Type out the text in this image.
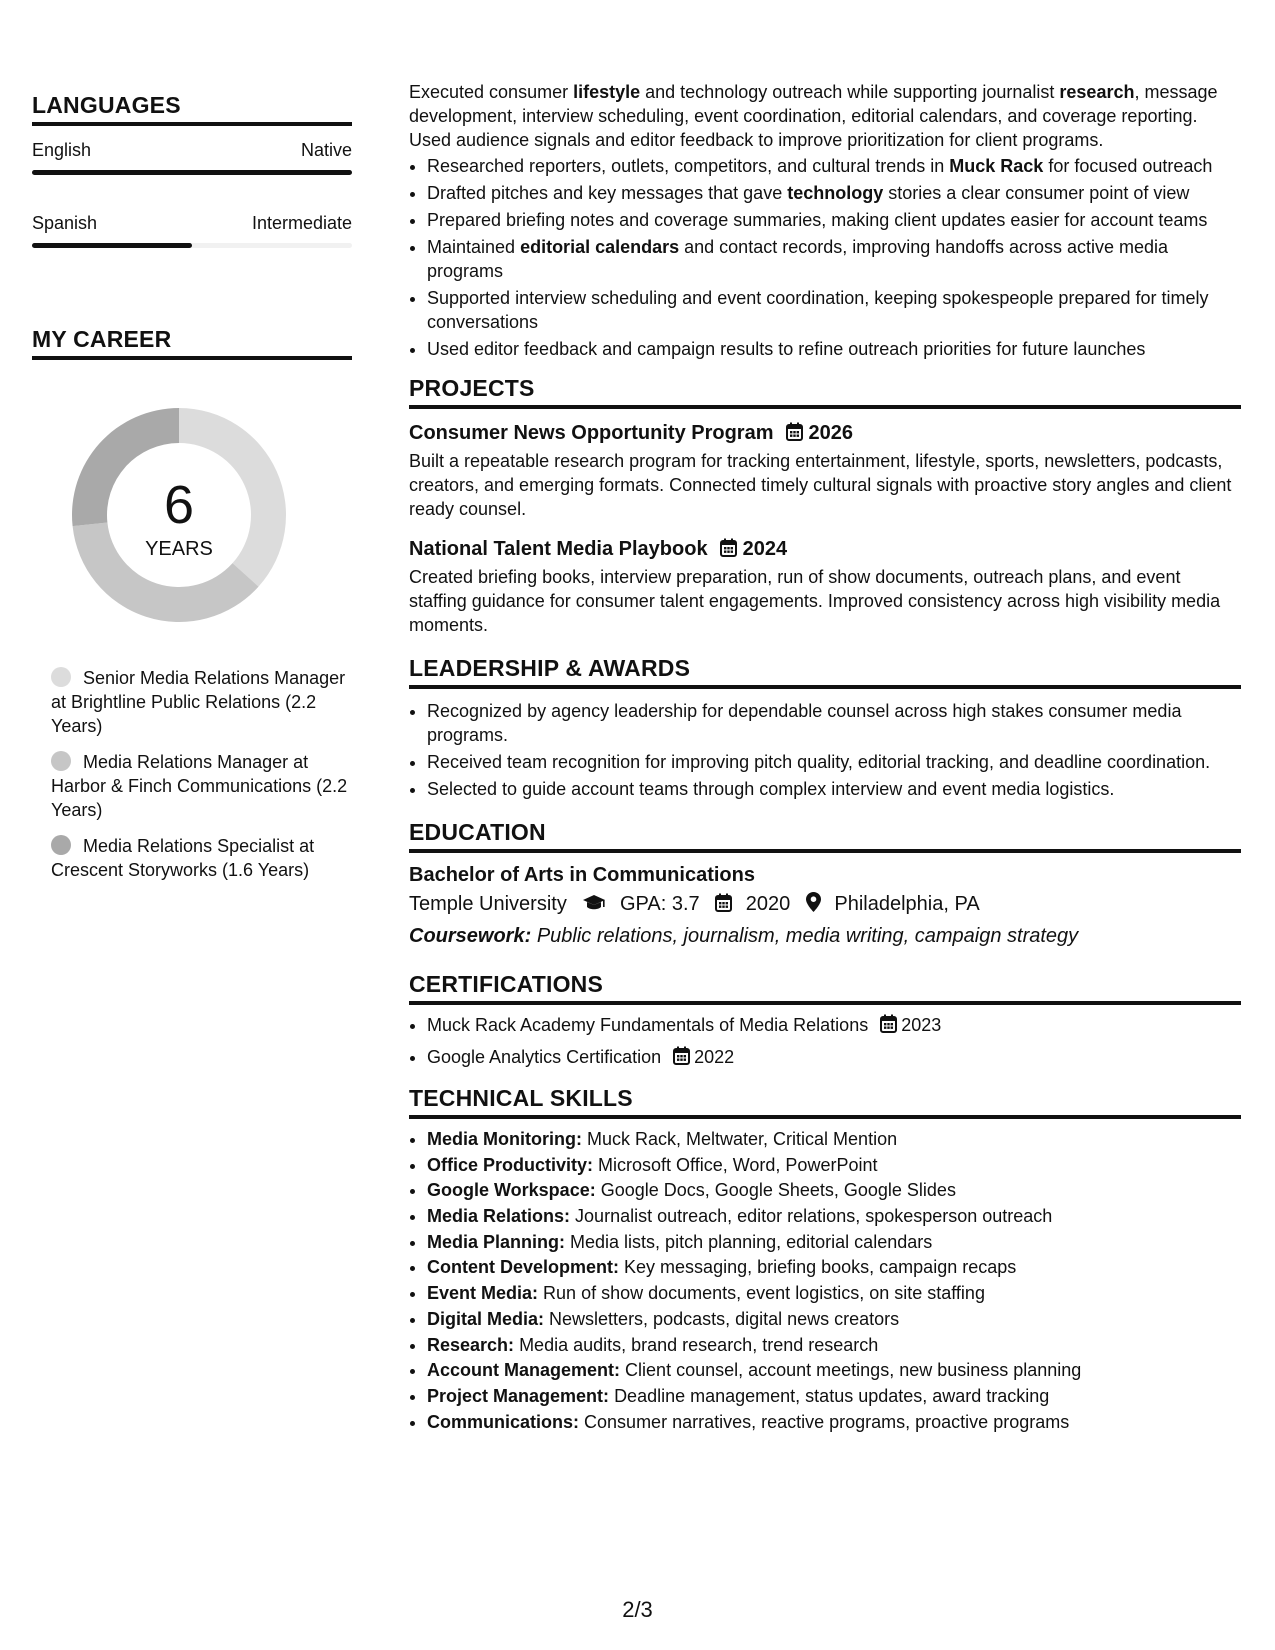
LANGUAGES
English	Native
Spanish	Intermediate
MY CAREER
6
YEARS
Senior Media Relations Manager at Brightline Public Relations (2.2 Years)
Media Relations Manager at Harbor & Finch Communications (2.2 Years)
Media Relations Specialist at Crescent Storyworks (1.6 Years)

Executed consumer lifestyle and technology outreach while supporting journalist research, message development, interview scheduling, event coordination, editorial calendars, and coverage reporting. Used audience signals and editor feedback to improve prioritization for client programs.

• Researched reporters, outlets, competitors, and cultural trends in Muck Rack for focused outreach
• Drafted pitches and key messages that gave technology stories a clear consumer point of view
• Prepared briefing notes and coverage summaries, making client updates easier for account teams
• Maintained editorial calendars and contact records, improving handoffs across active media programs
• Supported interview scheduling and event coordination, keeping spokespeople prepared for timely conversations
• Used editor feedback and campaign results to refine outreach priorities for future launches
PROJECTS
Consumer News Opportunity Program 2026

Built a repeatable research program for tracking entertainment, lifestyle, sports, newsletters, podcasts, creators, and emerging formats. Connected timely cultural signals with proactive story angles and client ready counsel.

National Talent Media Playbook 2024

Created briefing books, interview preparation, run of show documents, outreach plans, and event staffing guidance for consumer talent engagements. Improved consistency across high visibility media moments.

LEADERSHIP & AWARDS
• Recognized by agency leadership for dependable counsel across high stakes consumer media programs.
• Received team recognition for improving pitch quality, editorial tracking, and deadline coordination.
• Selected to guide account teams through complex interview and event media logistics.
EDUCATION
Bachelor of Arts in Communications
Temple University	GPA: 3.7 2020 Philadelphia, PA
Coursework: Public relations, journalism, media writing, campaign strategy
CERTIFICATIONS
• Muck Rack Academy Fundamentals of Media Relations 2023
• Google Analytics Certification 2022
TECHNICAL SKILLS
• Media Monitoring: Muck Rack, Meltwater, Critical Mention
• Office Productivity: Microsoft Office, Word, PowerPoint
• Google Workspace: Google Docs, Google Sheets, Google Slides
• Media Relations: Journalist outreach, editor relations, spokesperson outreach
• Media Planning: Media lists, pitch planning, editorial calendars
• Content Development: Key messaging, briefing books, campaign recaps
• Event Media: Run of show documents, event logistics, on site staffing
• Digital Media: Newsletters, podcasts, digital news creators
• Research: Media audits, brand research, trend research
• Account Management: Client counsel, account meetings, new business planning
• Project Management: Deadline management, status updates, award tracking
• Communications: Consumer narratives, reactive programs, proactive programs
2/3
